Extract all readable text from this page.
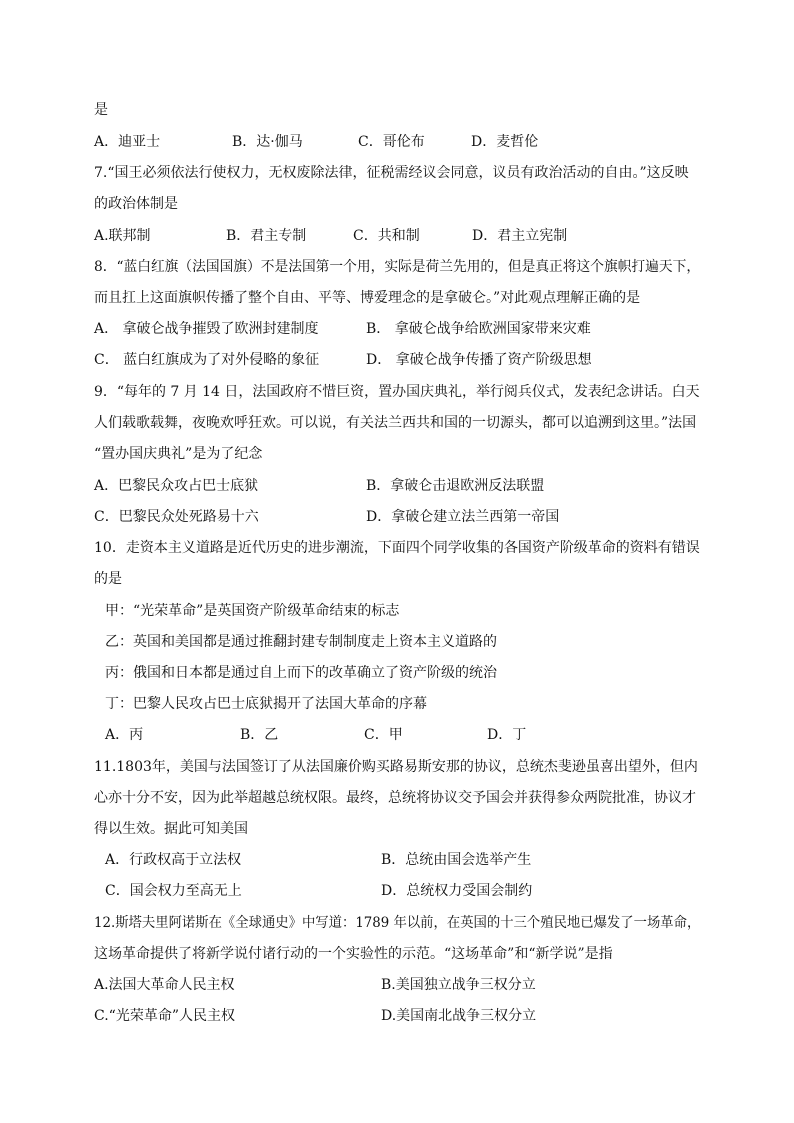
是
A．迪亚士	B．达·伽马	C．哥伦布	D．麦哲伦
7.“国王必须依法行使权力，无权废除法律，征税需经议会同意，议员有政治活动的自由。”这反映
的政治体制是
A.联邦制	B．君主专制	C．共和制	D．君主立宪制
8．“蓝白红旗（法国国旗）不是法国第一个用，实际是荷兰先用的，但是真正将这个旗帜打遍天下，
而且扛上这面旗帜传播了整个自由、平等、博爱理念的是拿破仑。”对此观点理解正确的是
A． 拿破仑战争摧毁了欧洲封建制度	B． 拿破仑战争给欧洲国家带来灾难
C． 蓝白红旗成为了对外侵略的象征	D． 拿破仑战争传播了资产阶级思想
9．“每年的 7 月 14 日，法国政府不惜巨资，置办国庆典礼，举行阅兵仪式，发表纪念讲话。白天
人们载歌载舞，夜晚欢呼狂欢。可以说，有关法兰西共和国的一切源头，都可以追溯到这里。”法国
“置办国庆典礼”是为了纪念
A．巴黎民众攻占巴士底狱	B．拿破仑击退欧洲反法联盟
C．巴黎民众处死路易十六	D．拿破仑建立法兰西第一帝国
10．走资本主义道路是近代历史的进步潮流，下面四个同学收集的各国资产阶级革命的资料有错误
的是
甲：“光荣革命”是英国资产阶级革命结束的标志
乙：英国和美国都是通过推翻封建专制制度走上资本主义道路的
丙：俄国和日本都是通过自上而下的改革确立了资产阶级的统治
丁：巴黎人民攻占巴士底狱揭开了法国大革命的序幕
A．丙	B．乙	C．甲	D．丁
11.1803年，美国与法国签订了从法国廉价购买路易斯安那的协议，总统杰斐逊虽喜出望外，但内
心亦十分不安，因为此举超越总统权限。最终，总统将协议交予国会并获得参众两院批准，协议才
得以生效。据此可知美国
A．行政权高于立法权	B．总统由国会选举产生
C．国会权力至高无上	D．总统权力受国会制约
12.斯塔夫里阿诺斯在《全球通史》中写道：1789 年以前，在英国的十三个殖民地已爆发了一场革命，
这场革命提供了将新学说付诸行动的一个实验性的示范。“这场革命”和“新学说”是指
A.法国大革命人民主权	B.美国独立战争三权分立
C.“光荣革命”人民主权	D.美国南北战争三权分立
